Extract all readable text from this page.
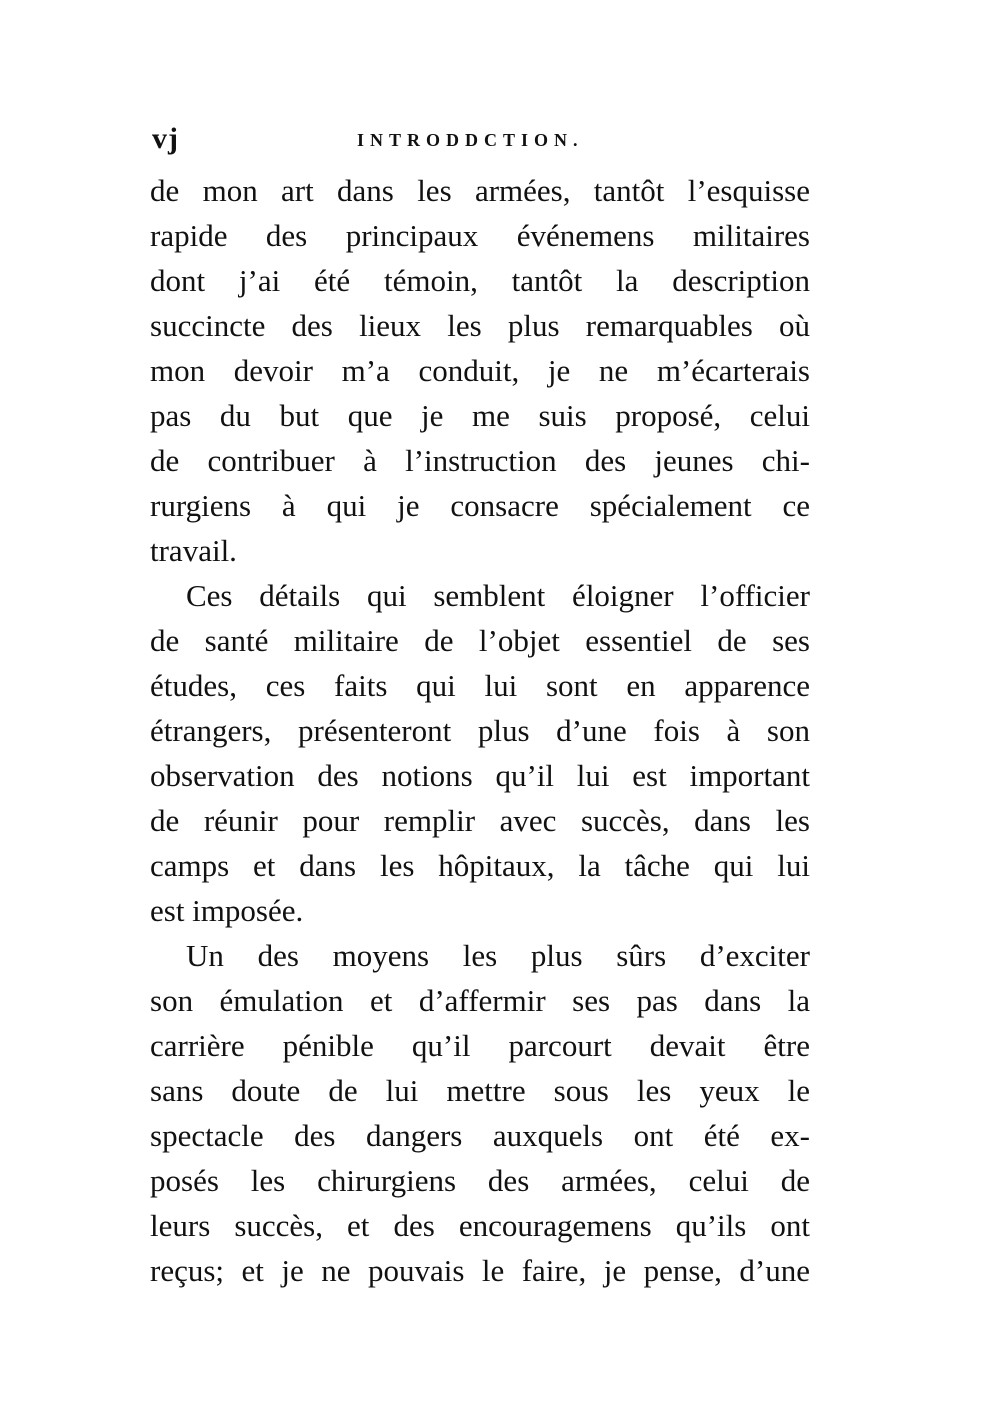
vj	INTRODDCTION.
de mon art dans les armées, tantôt l’esquisse
rapide des principaux événemens militaires
dont j’ai été témoin, tantôt la description
succincte des lieux les plus remarquables où
mon devoir m’a conduit, je ne m’écarterais
pas du but que je me suis proposé, celui
de contribuer à l’instruction des jeunes chi-
rurgiens à qui je consacre spécialement ce
travail.
Ces détails qui semblent éloigner l’officier
de santé militaire de l’objet essentiel de ses
études, ces faits qui lui sont en apparence
étrangers, présenteront plus d’une fois à son
observation des notions qu’il lui est important
de réunir pour remplir avec succès, dans les
camps et dans les hôpitaux, la tâche qui lui
est imposée.
Un des moyens les plus sûrs d’exciter
son émulation et d’affermir ses pas dans la
carrière pénible qu’il parcourt devait être
sans doute de lui mettre sous les yeux le
spectacle des dangers auxquels ont été ex-
posés les chirurgiens des armées, celui de
leurs succès, et des encouragemens qu’ils ont
reçus; et je ne pouvais le faire, je pense, d’une
